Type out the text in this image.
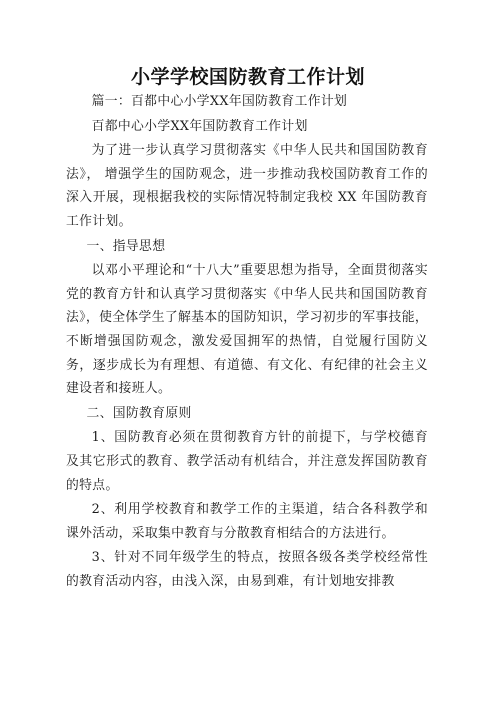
小学学校国防教育工作计划

篇一：百都中心小学XX年国防教育工作计划

百都中心小学XX年国防教育工作计划

为了进一步认真学习贯彻落实《中华人民共和国国防教育法》， 增强学生的国防观念，进一步推动我校国防教育工作的深入开展，现根据我校的实际情况特制定我校 XX 年国防教育工作计划。

一、指导思想

以邓小平理论和“十八大”重要思想为指导，全面贯彻落实党的教育方针和认真学习贯彻落实《中华人民共和国国防教育法》，使全体学生了解基本的国防知识，学习初步的军事技能，不断增强国防观念，激发爱国拥军的热情，自觉履行国防义务，逐步成长为有理想、有道德、有文化、有纪律的社会主义建设者和接班人。

二、国防教育原则

1、国防教育必须在贯彻教育方针的前提下，与学校德育及其它形式的教育、教学活动有机结合，并注意发挥国防教育的特点。

2、利用学校教育和教学工作的主渠道，结合各科教学和课外活动，采取集中教育与分散教育相结合的方法进行。

3、针对不同年级学生的特点，按照各级各类学校经常性的教育活动内容，由浅入深，由易到难，有计划地安排教
